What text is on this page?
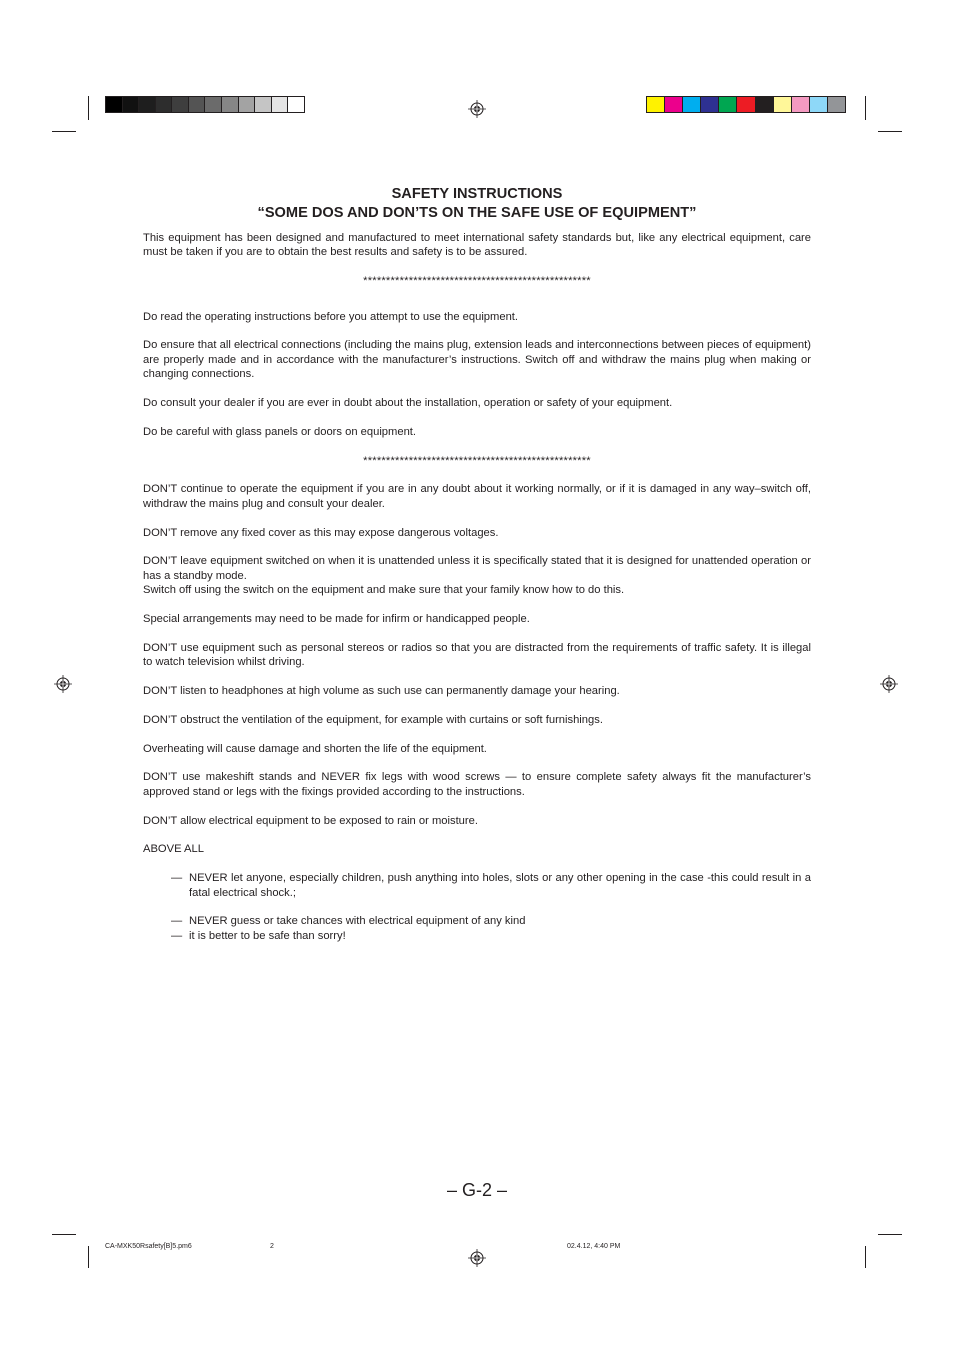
SAFETY INSTRUCTIONS
“SOME DOS AND DON’TS ON THE SAFE USE OF EQUIPMENT”

This equipment has been designed and manufactured to meet international safety standards but, like any electrical equipment, care must be taken if you are to obtain the best results and safety is to be assured.

**************************************************

Do read the operating instructions before you attempt to use the equipment.

Do ensure that all electrical connections (including the mains plug, extension leads and interconnections between pieces of equipment) are properly made and in accordance with the manufacturer’s instructions. Switch off and withdraw the mains plug when making or changing connections.

Do consult your dealer if you are ever in doubt about the installation, operation or safety of your equipment.

Do be careful with glass panels or doors on equipment.

**************************************************

DON’T continue to operate the equipment if you are in any doubt about it working normally, or if it is damaged in any way–switch off, withdraw the mains plug and consult your dealer.

DON’T remove any fixed cover as this may expose dangerous voltages.

DON’T leave equipment switched on when it is unattended unless it is specifically stated that it is designed for unattended operation or has a standby mode.

Switch off using the switch on the equipment and make sure that your family know how to do this.

Special arrangements may need to be made for infirm or handicapped people.

DON’T use equipment such as personal stereos or radios so that you are distracted from the requirements of traffic safety. It is illegal to watch television whilst driving.

DON’T listen to headphones at high volume as such use can permanently damage your hearing.

DON’T obstruct the ventilation of the equipment, for example with curtains or soft furnishings.

Overheating will cause damage and shorten the life of the equipment.

DON’T use makeshift stands and NEVER fix legs with wood screws — to ensure complete safety always fit the manufacturer’s approved stand or legs with the fixings provided according to the instructions.

DON’T allow electrical equipment to be exposed to rain or moisture.

ABOVE ALL

— NEVER let anyone, especially children, push anything into holes, slots or any other opening in the case -this could result in a fatal electrical shock.;

— NEVER guess or take chances with electrical equipment of any kind

— it is better to be safe than sorry!

– G-2 –
CA-MXK50Rsafety[B]5.pm6	2	02.4.12, 4:40 PM
